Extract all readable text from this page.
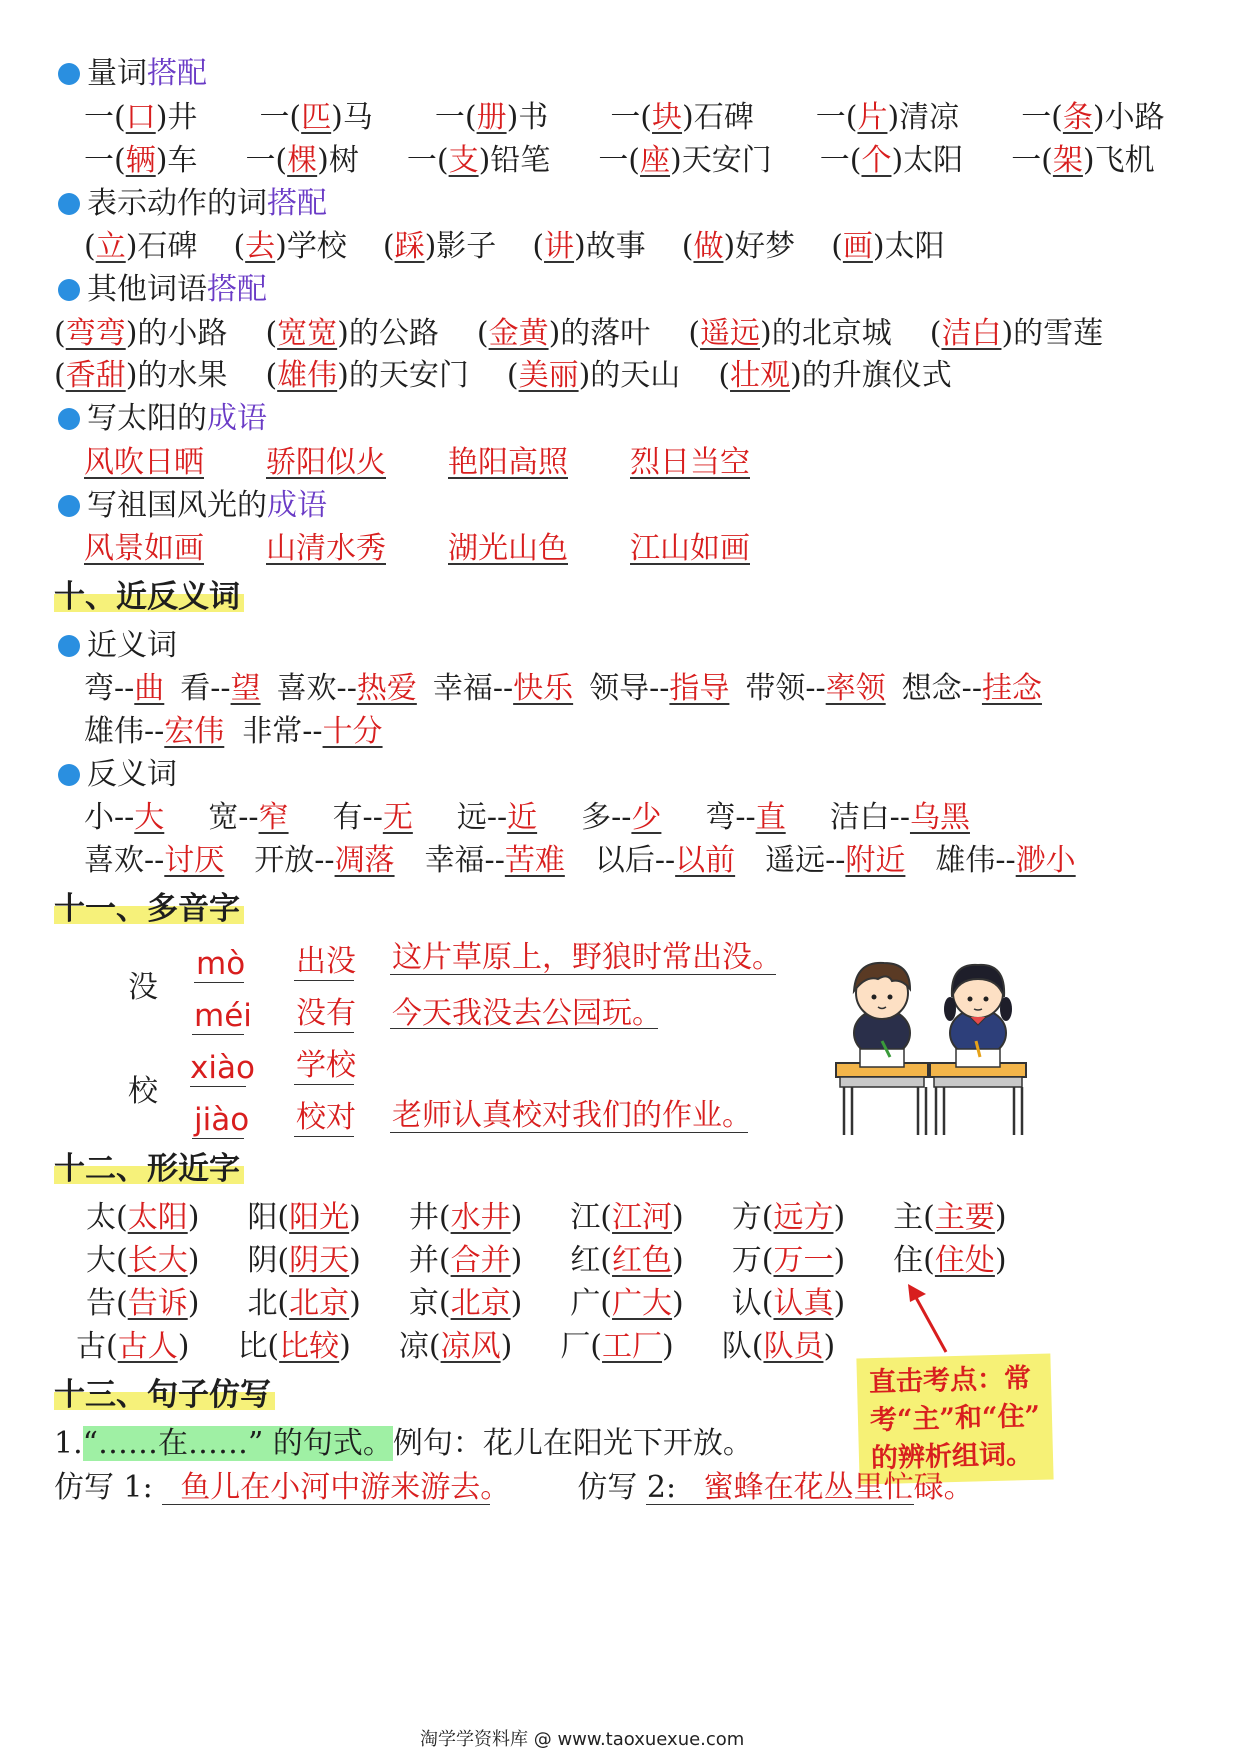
量词 搭配
一(口)井 一(匹)马 一(册)书 一(块)石碑 一(片)清凉 一(条)小路
一(辆)车 一(棵)树 一(支)铅笔 一(座)天安门 一(个)太阳 一(架)飞机
表示动作的词 搭配
(立)石碑 (去)学校 (踩)影子 (讲)故事 (做)好梦 (画)太阳
其他词语 搭配
(弯弯)的小路 (宽宽)的公路 (金黄)的落叶 (遥远)的北京城 (洁白)的雪莲
(香甜)的水果 (雄伟)的天安门 (美丽)的天山 (壮观)的升旗仪式
写太阳的 成语
风吹日晒 骄阳似火 艳阳高照 烈日当空
写祖国风光的 成语
风景如画 山清水秀 湖光山色 江山如画
十、近反义词
近义词
弯--曲 看--望 喜欢--热爱 幸福--快乐 领导--指导 带领--率领 想念--挂念
雄伟--宏伟 非常--十分
反义词
小--大 宽--窄 有--无 远--近 多--少 弯--直 洁白--乌黑
喜欢--讨厌 开放--凋落 幸福--苦难 以后--以前 遥远--附近 雄伟--渺小
十一、多音字
没
校
mò 出没 这片草原上，野狼时常出没。
méi 没有 今天我没去公园玩。
xiào 学校
jiào 校对 老师认真校对我们的作业。
十二、形近字
太(太阳) 阳(阳光) 井(水井) 江(江河) 方(远方) 主(主要)
大(长大) 阴(阴天) 并(合并) 红(红色) 万(万一) 住(住处)
告(告诉) 北(北京) 京(北京) 广(广大) 认(认真)
古(古人) 比(比较) 凉(凉风) 厂(工厂) 队(队员)
直击考点：常
考“主”和“住”
的辨析组词。
十三、句子仿写
1.“……在……” 的句式。例句：花儿在阳光下开放。
仿写 1: 鱼儿在小河中游来游去。 仿写 2: 蜜蜂在花丛里忙碌。
淘学学资料库 @ www.taoxuexue.com
